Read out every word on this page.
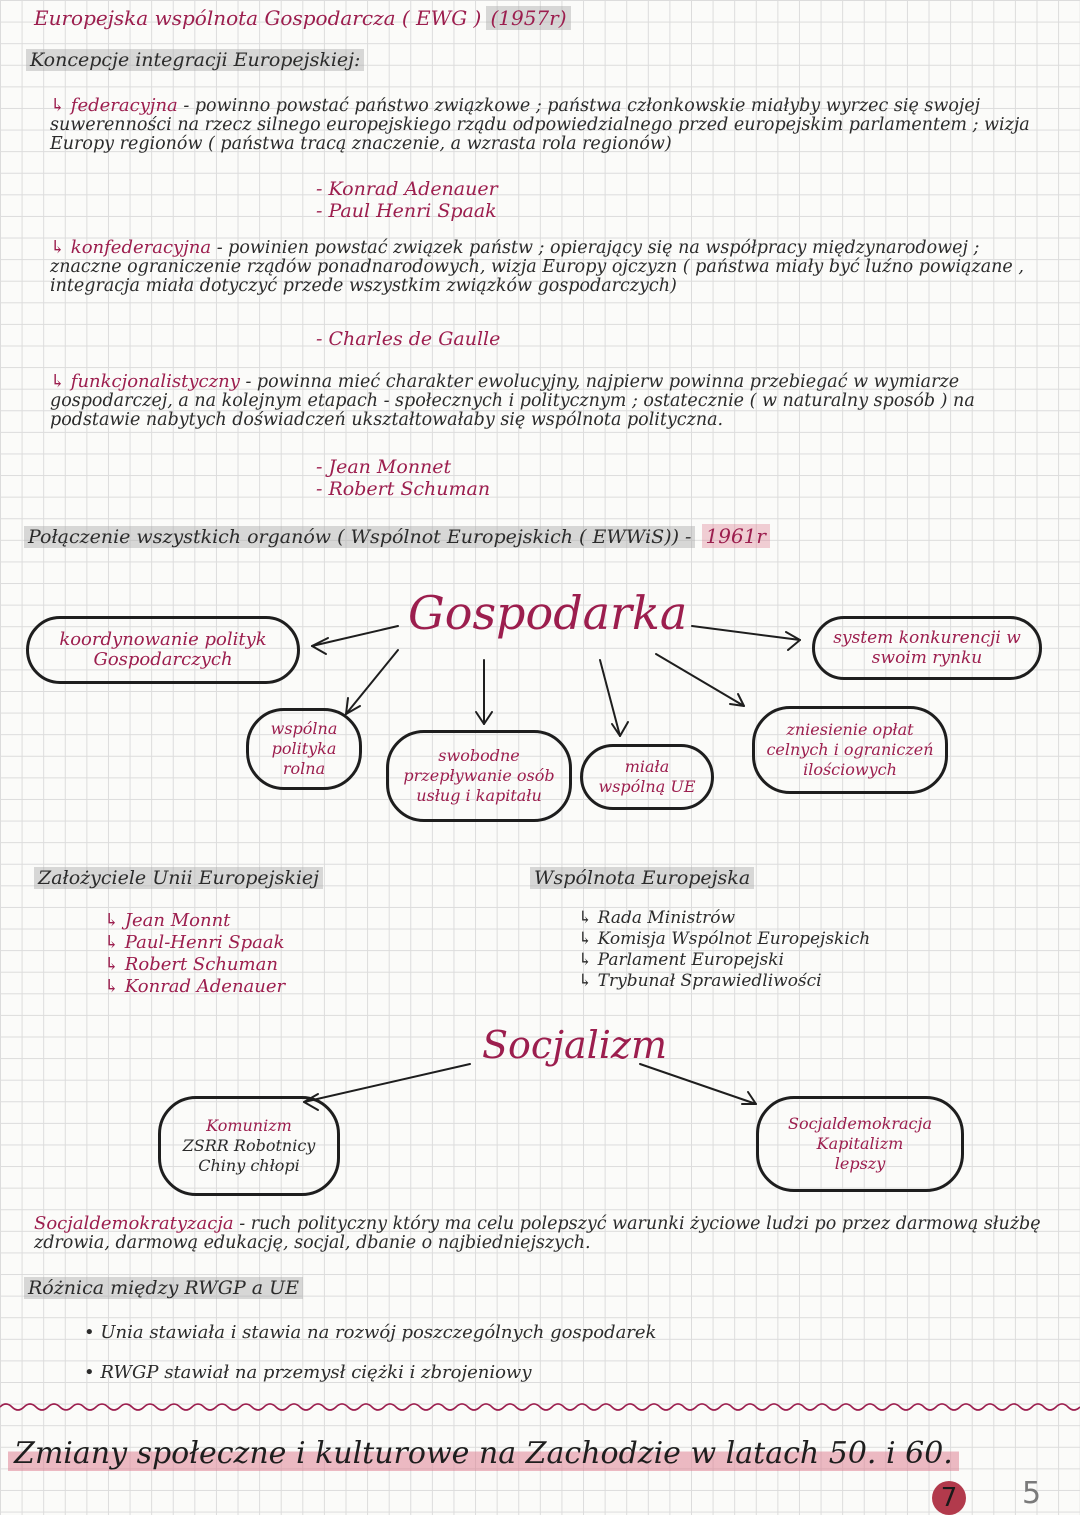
Europejska wspólnota Gospodarcza ( EWG ) (1957r)
Koncepcje integracji Europejskiej:
↳ federacyjna - powinno powstać państwo związkowe ; państwa członkowskie miałyby wyrzec się swojej suwerenności na rzecz silnego europejskiego rządu odpowiedzialnego przed europejskim parlamentem ; wizja Europy regionów ( państwa tracą znaczenie, a wzrasta rola regionów)
- Konrad Adenauer
- Paul Henri Spaak
↳ konfederacyjna - powinien powstać związek państw ; opierający się na współpracy międzynarodowej ; znaczne ograniczenie rządów ponadnarodowych, wizja Europy ojczyzn ( państwa miały być luźno powiązane , integracja miała dotyczyć przede wszystkim związków gospodarczych)
- Charles de Gaulle
↳ funkcjonalistyczny - powinna mieć charakter ewolucyjny, najpierw powinna przebiegać w wymiarze gospodarczej, a na kolejnym etapach - społecznych i politycznym ; ostatecznie ( w naturalny sposób ) na podstawie nabytych doświadczeń ukształtowałaby się wspólnota polityczna.
- Jean Monnet
- Robert Schuman
Połączenie wszystkich organów ( Wspólnot Europejskich ( EWWiS)) - 1961r
Gospodarka
koordynowanie polityk Gospodarczych
system konkurencji w swoim rynku
wspólna polityka rolna
swobodne przepływanie osób usług i kapitału
miała wspólną UE
zniesienie opłat celnych i ograniczeń ilościowych
Założyciele Unii Europejskiej
↳ Jean Monnt
↳ Paul-Henri Spaak
↳ Robert Schuman
↳ Konrad Adenauer
Wspólnota Europejska
↳ Rada Ministrów
↳ Komisja Wspólnot Europejskich
↳ Parlament Europejski
↳ Trybunał Sprawiedliwości
Socjalizm
Komunizm
ZSRR Robotnicy
Chiny chłopi
Socjaldemokracja
Kapitalizm
lepszy
Socjaldemokratyzacja - ruch polityczny który ma celu polepszyć warunki życiowe ludzi po przez darmową służbę zdrowia, darmową edukację, socjal, dbanie o najbiedniejszych.
Różnica między RWGP a UE
• Unia stawiała i stawia na rozwój poszczególnych gospodarek
• RWGP stawiał na przemysł ciężki i zbrojeniowy
Zmiany społeczne i kulturowe na Zachodzie w latach 50. i 60.
7 5
